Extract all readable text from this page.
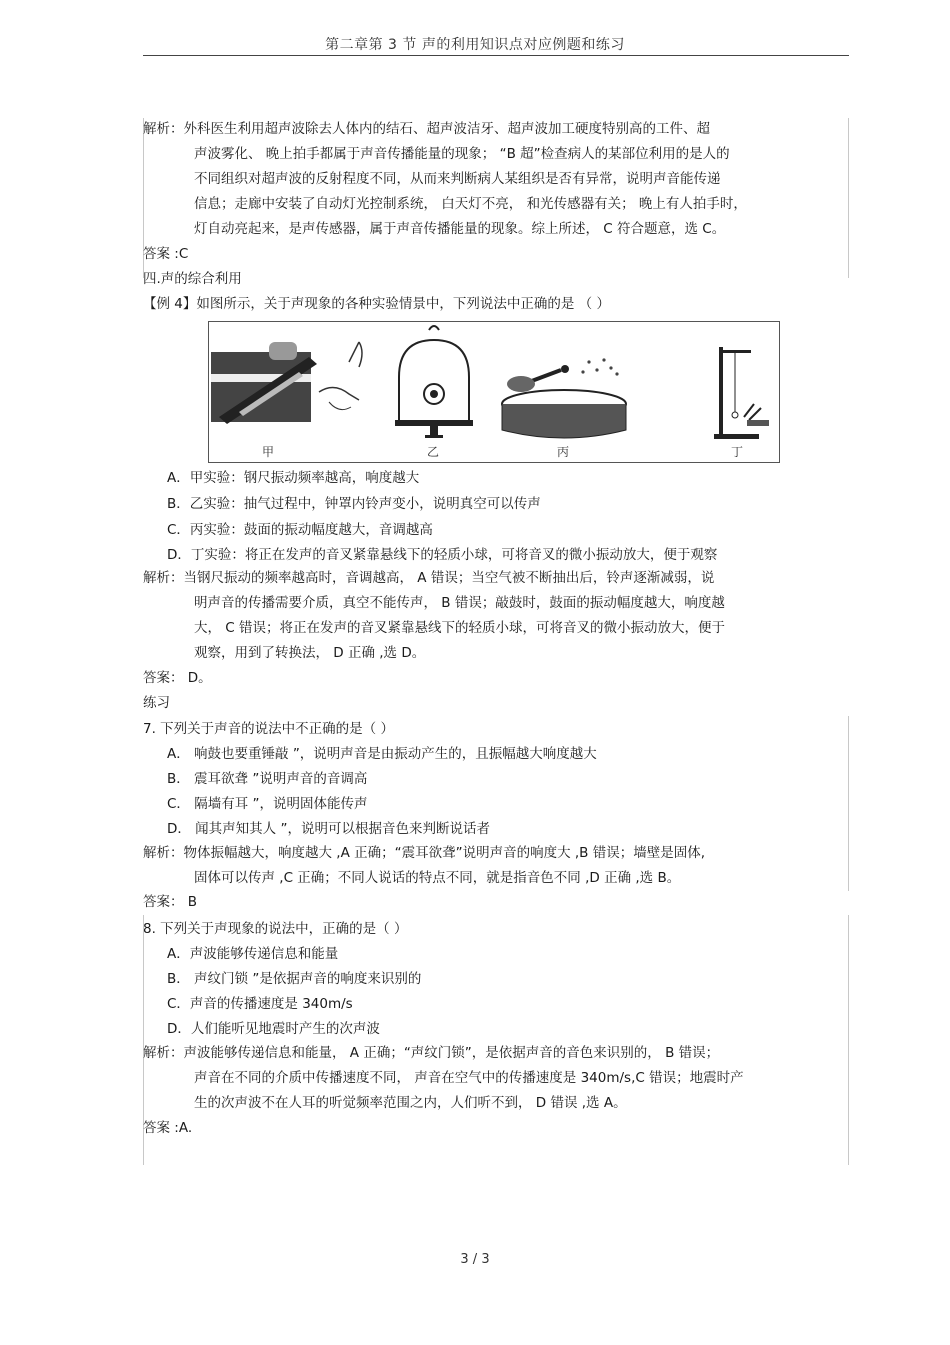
第二章第 3 节 声的利用知识点对应例题和练习
解析：外科医生利用超声波除去人体内的结石、超声波洁牙、超声波加工硬度特别高的工件、超
声波雾化、 晚上拍手都属于声音传播能量的现象； “B 超”检查病人的某部位利用的是人的
不同组织对超声波的反射程度不同，从而来判断病人某组织是否有异常，说明声音能传递
信息；走廊中安装了自动灯光控制系统， 白天灯不亮， 和光传感器有关； 晚上有人拍手时，
灯自动亮起来，是声传感器，属于声音传播能量的现象。综上所述， C 符合题意，选 C。
答案 :C
四.声的综合利用
【例 4】如图所示，关于声现象的各种实验情景中，下列说法中正确的是 （ ）
甲	乙	丙	丁
A．甲实验：钢尺振动频率越高，响度越大
B．乙实验：抽气过程中，钟罩内铃声变小，说明真空可以传声
C．丙实验：鼓面的振动幅度越大，音调越高
D．丁实验：将正在发声的音叉紧靠悬线下的轻质小球，可将音叉的微小振动放大，便于观察
解析：当钢尺振动的频率越高时，音调越高， A 错误；当空气被不断抽出后，铃声逐渐减弱，说
明声音的传播需要介质，真空不能传声， B 错误；敲鼓时，鼓面的振动幅度越大，响度越
大， C 错误；将正在发声的音叉紧靠悬线下的轻质小球，可将音叉的微小振动放大，便于
观察，用到了转换法， D 正确 ,选 D。
答案： D。
练习
7. 下列关于声音的说法中不正确的是（ ）
A． 响鼓也要重锤敲 ”，说明声音是由振动产生的，且振幅越大响度越大
B． 震耳欲聋 ”说明声音的音调高
C． 隔墙有耳 ”，说明固体能传声
D． 闻其声知其人 ”，说明可以根据音色来判断说话者
解析：物体振幅越大，响度越大 ,A 正确；“震耳欲聋”说明声音的响度大 ,B 错误；墙壁是固体,
固体可以传声 ,C 正确；不同人说话的特点不同，就是指音色不同 ,D 正确 ,选 B。
答案： B
8. 下列关于声现象的说法中，正确的是（ ）
A．声波能够传递信息和能量
B． 声纹门锁 ”是依据声音的响度来识别的
C．声音的传播速度是 340m/s
D．人们能听见地震时产生的次声波
解析：声波能够传递信息和能量， A 正确；“声纹门锁”，是依据声音的音色来识别的， B 错误；
声音在不同的介质中传播速度不同， 声音在空气中的传播速度是 340m/s,C 错误；地震时产
生的次声波不在人耳的听觉频率范围之内，人们听不到， D 错误 ,选 A。
答案 :A.
3 / 3
